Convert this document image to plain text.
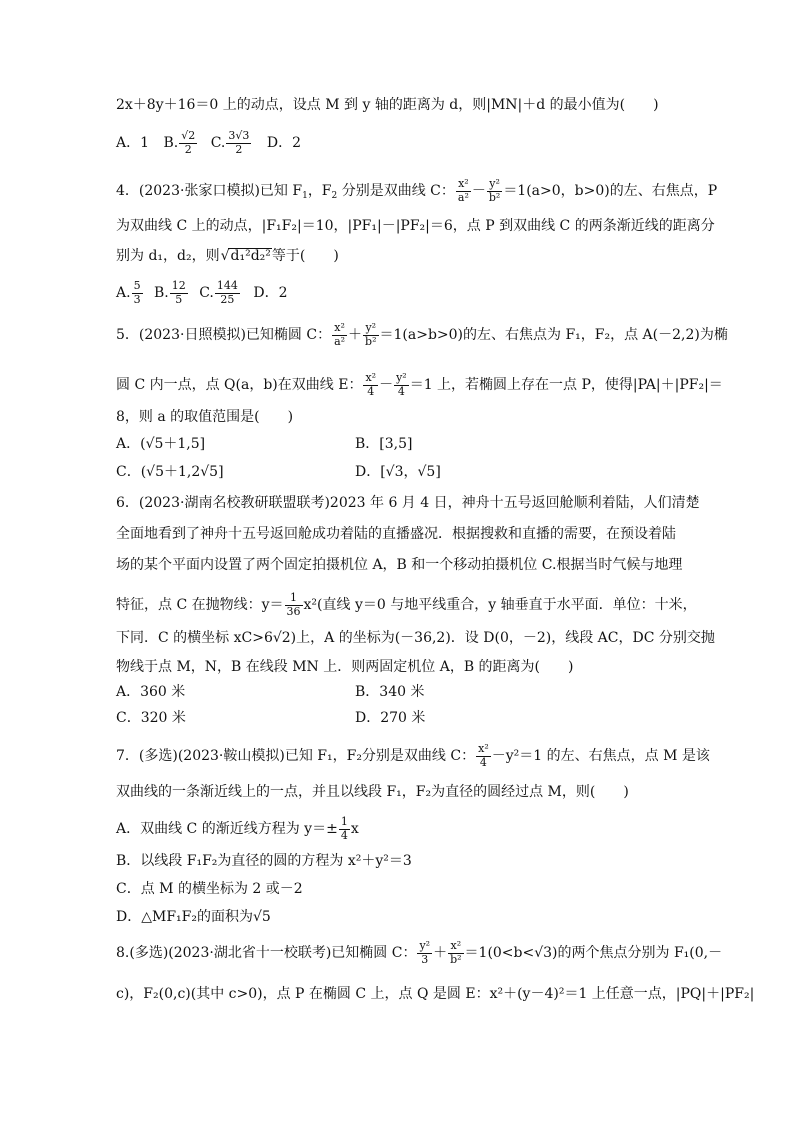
2x＋8y＋16＝0 上的动点，设点 M 到 y 轴的距离为 d，则|MN|＋d 的最小值为(　　)
A．1 B. $\frac{√2}{2} C$. $\frac{3√3}{2}$ D．2
4．(2023·张家口模拟)已知 $F_1$，$F_2$ 分别是双曲线 C： $\frac{\text{x²}}{\text{a²}} - \frac{\text{y²}}{\text{b²}} =1(a>0$，b>0)的左、右焦点，P
为双曲线 C 上的动点，|F₁F₂|＝10，|PF₁|－|PF₂|＝6，点 P 到双曲线 C 的两条渐近线的距离分
别为 d₁，d₂，则√ d₁²d₂²等于(　　)
A. $\frac{5}{3} B$. $\frac{12}{5} C$. $\frac{144}{25}$ D．2
5．(2023·日照模拟)已知椭圆 C： $\frac{\text{x²}}{\text{a²}} + \frac{\text{y²}}{\text{b²}} =1(a>b>0)$的左、右焦点为 F₁，F₂，点 A(－2,2)为椭
圆 C 内一点，点 Q(a，b)在双曲线 E： $\frac{\text{x²}}{4} - \frac{\text{y²}}{4} =1$ 上，若椭圆上存在一点 P，使得|PA|＋|PF₂|＝
8，则 a 的取值范围是(　　)
A．(√5＋1,5]	B．[3,5]
C．(√5＋1,2√5]	D．[√3，√5]
6．(2023·湖南名校教研联盟联考)2023 年 6 月 4 日，神舟十五号返回舱顺利着陆，人们清楚
全面地看到了神舟十五号返回舱成功着陆的直播盛况．根据搜救和直播的需要，在预设着陆
场的某个平面内设置了两个固定拍摄机位 A，B 和一个移动拍摄机位 C.根据当时气候与地理
特征，点 C 在抛物线：$y= \frac{1}{36} x^2$(直线 y＝0 与地平线重合，y 轴垂直于水平面．单位：十米，
下同．C 的横坐标 xC>6√2)上，A 的坐标为(－36,2)．设 D(0，－2)，线段 AC，DC 分别交抛
物线于点 M，N，B 在线段 MN 上．则两固定机位 A，B 的距离为(　　)
A．360 米	B．340 米
C．320 米	D．270 米
7．(多选)(2023·鞍山模拟)已知 F₁，F₂分别是双曲线 C： $\frac{\text{x²}}{4} -y^2=1$ 的左、右焦点，点 M 是该
双曲线的一条渐近线上的一点，并且以线段 F₁，F₂为直径的圆经过点 M，则(　　)
A．双曲线 C 的渐近线方程为 $y=\pm \frac{1}{4}$ x
B．以线段 F₁F₂为直径的圆的方程为 x²＋y²＝3
C．点 M 的横坐标为 2 或－2
D．△MF₁F₂的面积为√5
8.(多选)(2023·湖北省十一校联考)已知椭圆 C： $\frac{\text{y²}}{3} + \frac{\text{x²}}{\text{b²}} =1(0<b<√3)$的两个焦点分别为 F₁(0,－
c)，F₂(0,c)(其中 c>0)，点 P 在椭圆 C 上，点 Q 是圆 E：x²＋(y－4)²＝1 上任意一点，|PQ|＋|PF₂|
